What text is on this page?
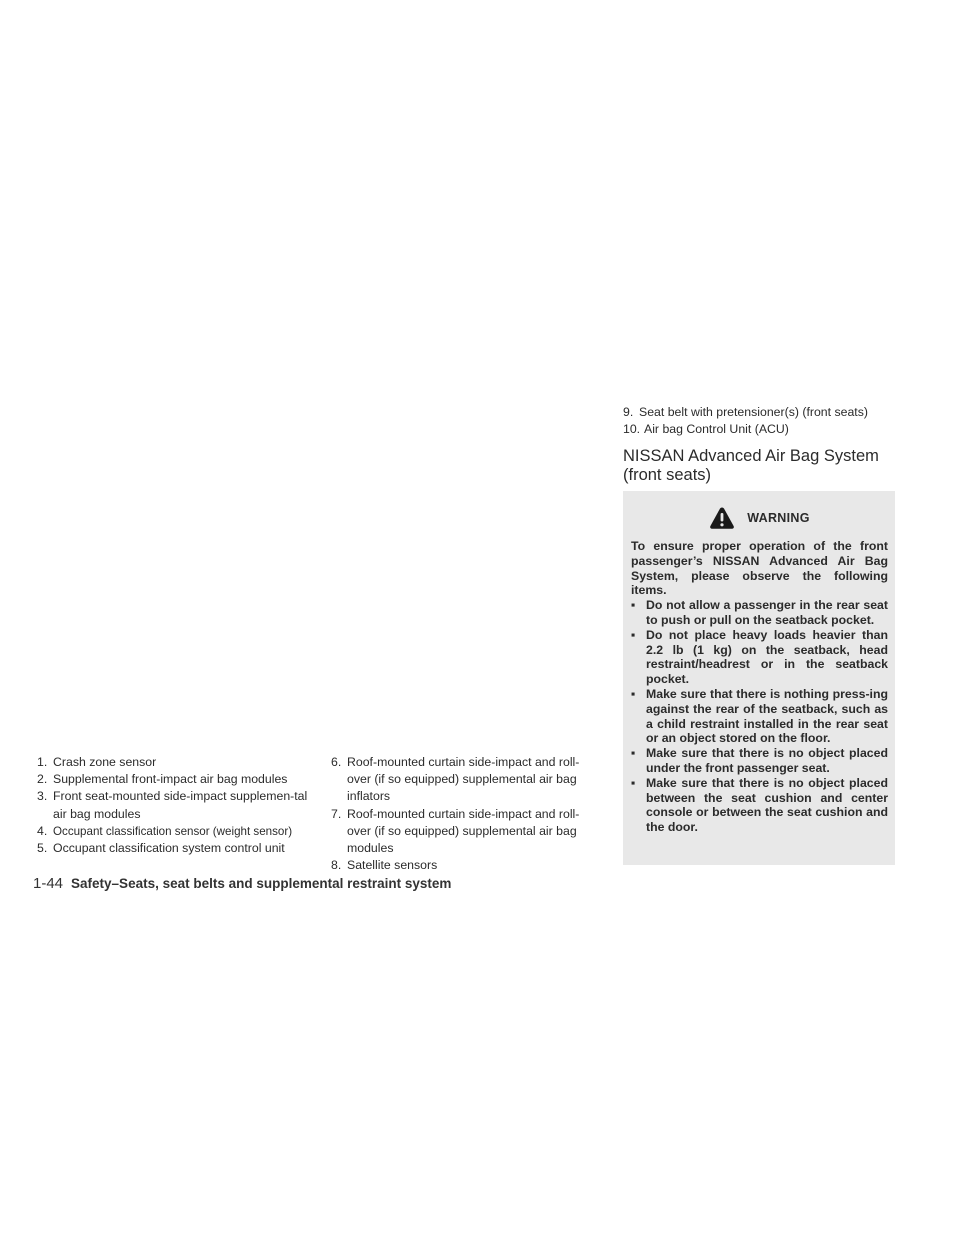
1. Crash zone sensor
2. Supplemental front-impact air bag modules
3. Front seat-mounted side-impact supplemen-tal air bag modules
4. Occupant classification sensor (weight sensor)
5. Occupant classification system control unit
6. Roof-mounted curtain side-impact and roll-over (if so equipped) supplemental air bag inflators
7. Roof-mounted curtain side-impact and roll-over (if so equipped) supplemental air bag modules
8. Satellite sensors
9. Seat belt with pretensioner(s) (front seats)
10. Air bag Control Unit (ACU)
NISSAN Advanced Air Bag System (front seats)
WARNING

To ensure proper operation of the front passenger’s NISSAN Advanced Air Bag System, please observe the following items.

▪ Do not allow a passenger in the rear seat to push or pull on the seatback pocket.
▪ Do not place heavy loads heavier than 2.2 lb (1 kg) on the seatback, head restraint/headrest or in the seatback pocket.
▪ Make sure that there is nothing press-ing against the rear of the seatback, such as a child restraint installed in the rear seat or an object stored on the floor.
▪ Make sure that there is no object placed under the front passenger seat.
▪ Make sure that there is no object placed between the seat cushion and center console or between the seat cushion and the door.
1-44 Safety–Seats, seat belts and supplemental restraint system
